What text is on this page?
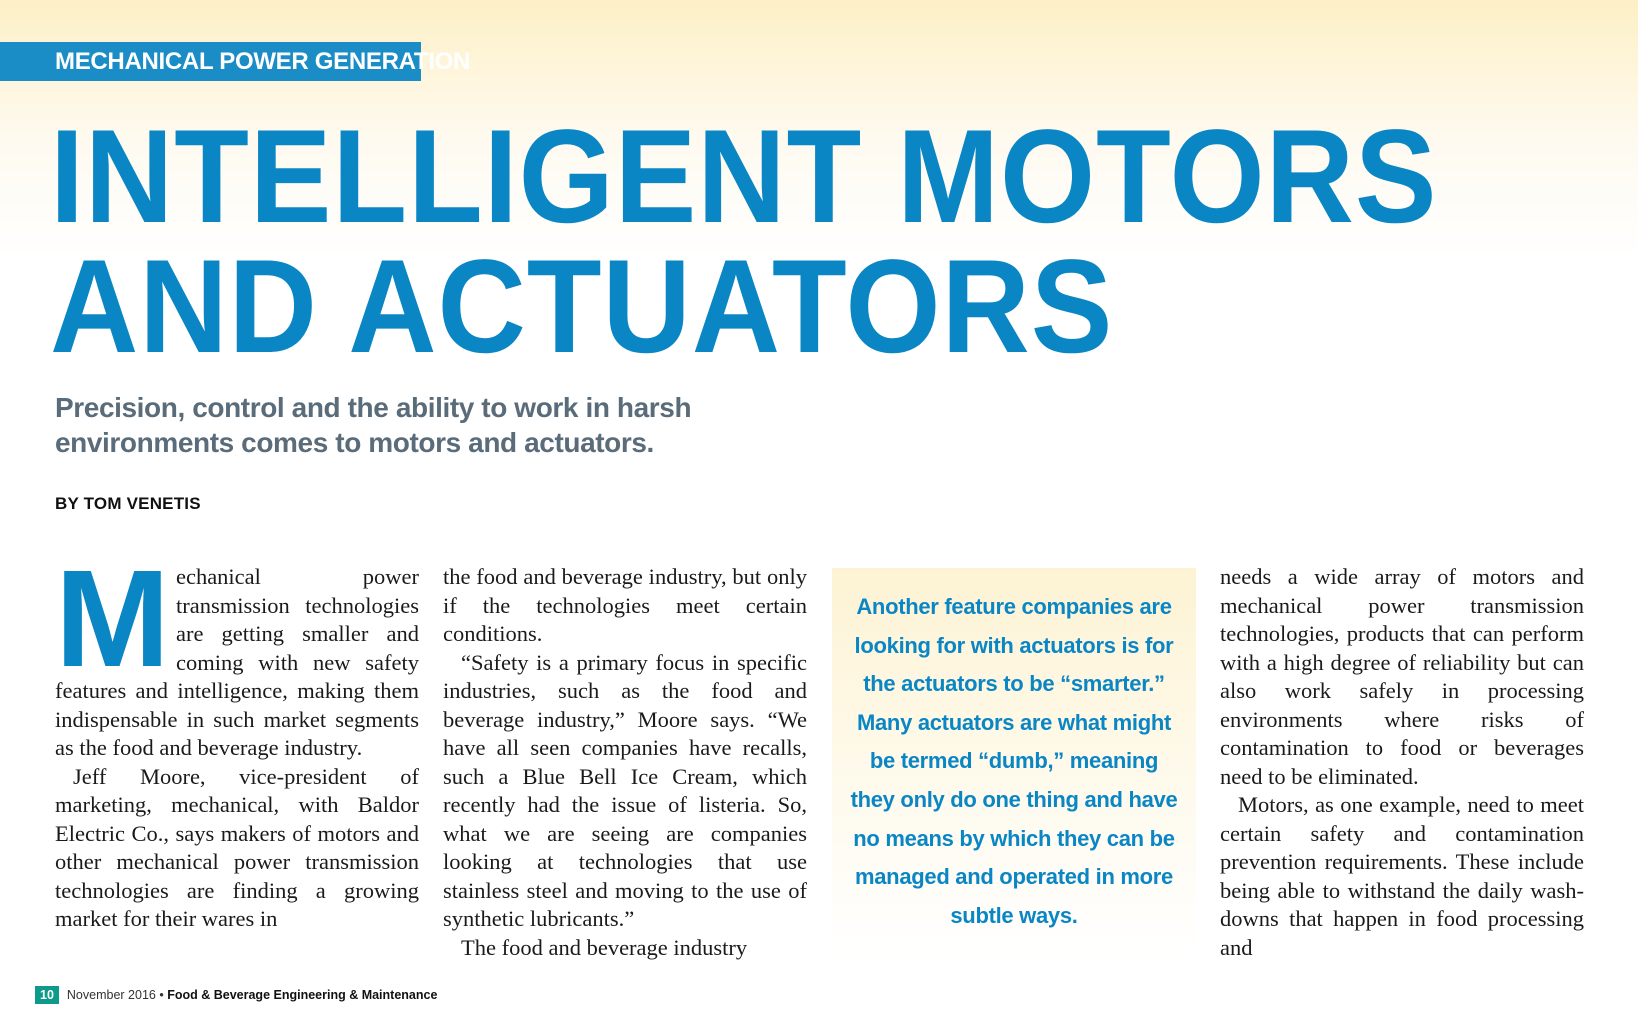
MECHANICAL POWER GENERATION
INTELLIGENT MOTORS
AND ACTUATORS
Precision, control and the ability to work in harsh
environments comes to motors and actuators.

BY TOM VENETIS

Mechanical power transmission technologies are getting smaller and coming with new safety features and intelligence, making them indispensable in such market segments as the food and beverage industry.

Jeff Moore, vice-president of marketing, mechanical, with Baldor Electric Co., says makers of motors and other mechanical power transmission technologies are finding a growing market for their wares in

the food and beverage industry, but only if the technologies meet certain conditions.

“Safety is a primary focus in specific industries, such as the food and beverage industry,” Moore says. “We have all seen companies have recalls, such a Blue Bell Ice Cream, which recently had the issue of listeria. So, what we are seeing are companies looking at technologies that use stainless steel and moving to the use of synthetic lubricants.”

The food and beverage industry

Another feature companies are looking for with actuators is for the actuators to be “smarter.” Many actuators are what might be termed “dumb,” meaning they only do one thing and have no means by which they can be managed and operated in more subtle ways.

needs a wide array of motors and mechanical power transmission technologies, products that can perform with a high degree of reliability but can also work safely in processing environments where risks of contamination to food or beverages need to be eliminated.

Motors, as one example, need to meet certain safety and contamination prevention requirements. These include being able to withstand the daily wash-downs that happen in food processing and

10 November 2016 • Food & Beverage Engineering & Maintenance
